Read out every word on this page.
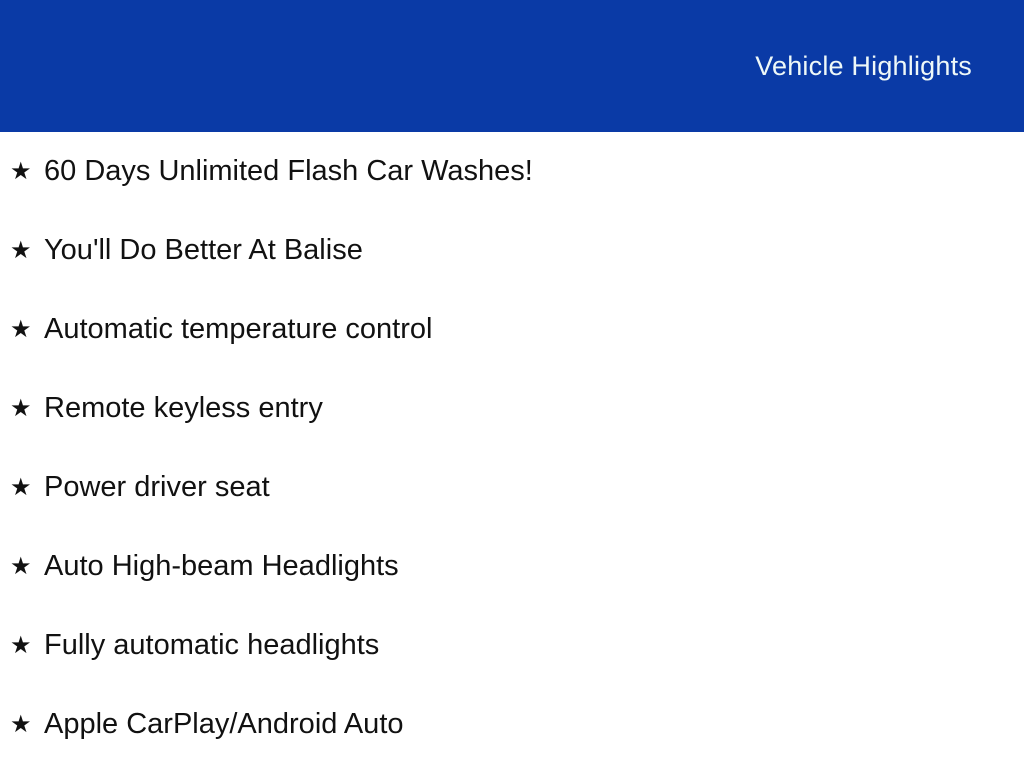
Vehicle Highlights
★ 60 Days Unlimited Flash Car Washes!
★ You'll Do Better At Balise
★ Automatic temperature control
★ Remote keyless entry
★ Power driver seat
★ Auto High-beam Headlights
★ Fully automatic headlights
★ Apple CarPlay/Android Auto
